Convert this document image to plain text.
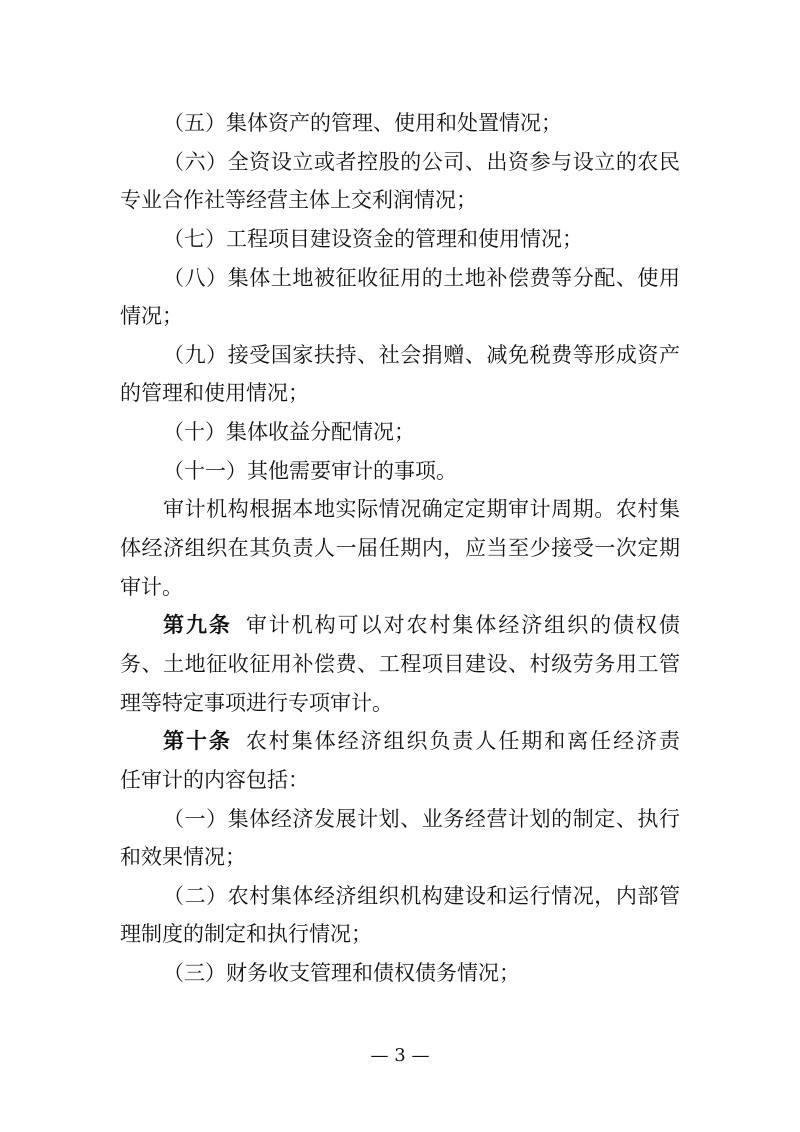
（五）集体资产的管理、使用和处置情况；
（六）全资设立或者控股的公司、出资参与设立的农民
专业合作社等经营主体上交利润情况；
（七）工程项目建设资金的管理和使用情况；
（八）集体土地被征收征用的土地补偿费等分配、使用
情况；
（九）接受国家扶持、社会捐赠、减免税费等形成资产
的管理和使用情况；
（十）集体收益分配情况；
（十一）其他需要审计的事项。
审计机构根据本地实际情况确定定期审计周期。农村集
体经济组织在其负责人一届任期内，应当至少接受一次定期
审计。
第九条 审计机构可以对农村集体经济组织的债权债
务、土地征收征用补偿费、工程项目建设、村级劳务用工管
理等特定事项进行专项审计。
第十条 农村集体经济组织负责人任期和离任经济责
任审计的内容包括：
（一）集体经济发展计划、业务经营计划的制定、执行
和效果情况；
（二）农村集体经济组织机构建设和运行情况，内部管
理制度的制定和执行情况；
（三）财务收支管理和债权债务情况；
— 3 —
